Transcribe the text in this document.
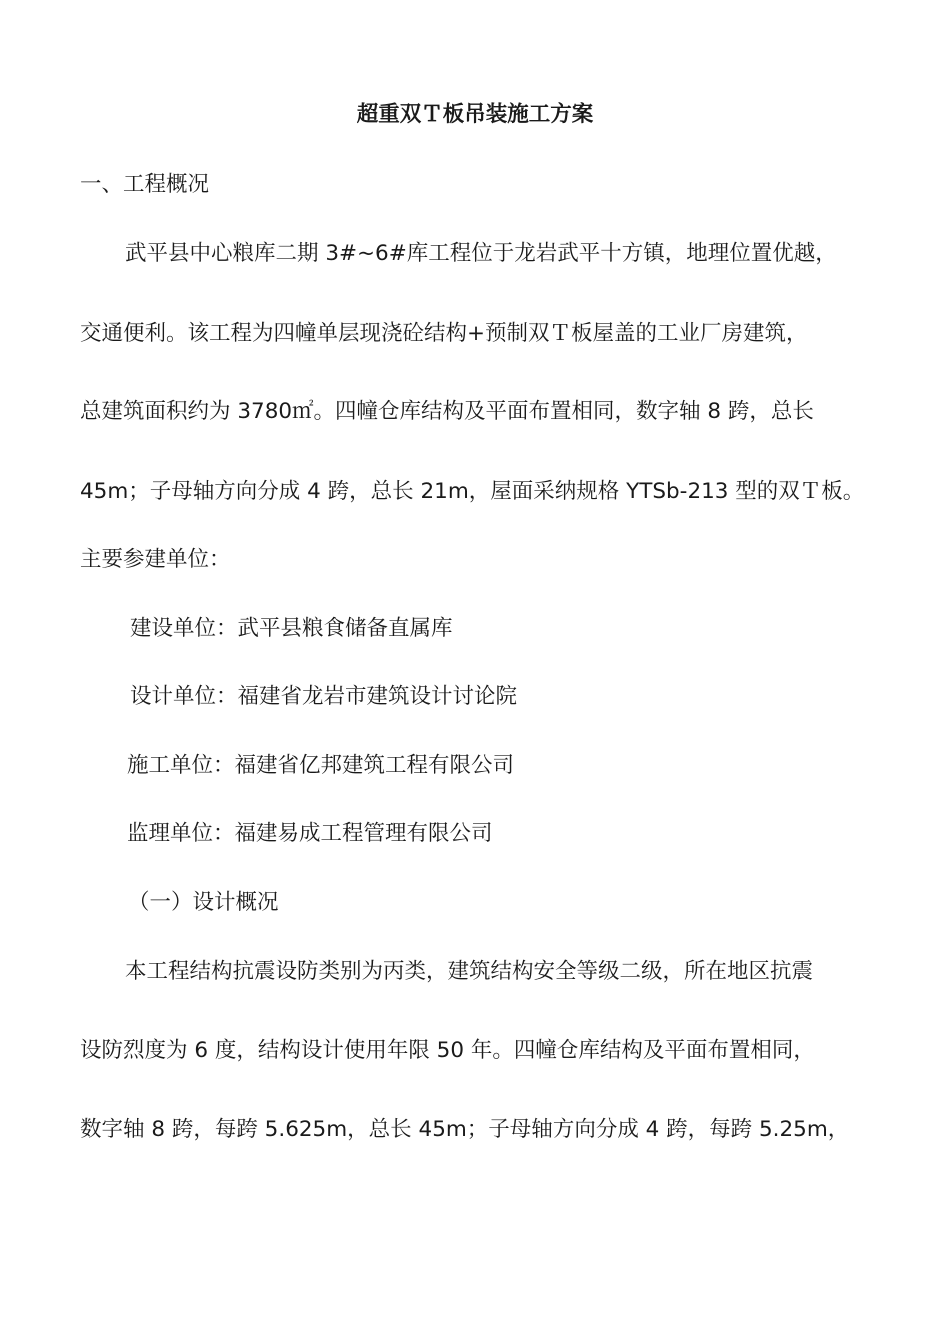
超重双Ｔ板吊装施工方案
一、工程概况
武平县中心粮库二期 3#~6#库工程位于龙岩武平十方镇，地理位置优越，
交通便利。该工程为四幢单层现浇砼结构+预制双Ｔ板屋盖的工业厂房建筑，
总建筑面积约为 3780㎡。四幢仓库结构及平面布置相同，数字轴 8 跨，总长
45m；子母轴方向分成 4 跨，总长 21m，屋面采纳规格 YTSb-213 型的双Ｔ板。
主要参建单位：
建设单位：武平县粮食储备直属库
设计单位：福建省龙岩市建筑设计讨论院
施工单位：福建省亿邦建筑工程有限公司
监理单位：福建易成工程管理有限公司
（一）设计概况
本工程结构抗震设防类别为丙类，建筑结构安全等级二级，所在地区抗震
设防烈度为 6 度，结构设计使用年限 50 年。四幢仓库结构及平面布置相同，
数字轴 8 跨，每跨 5.625m，总长 45m；子母轴方向分成 4 跨，每跨 5.25m，
